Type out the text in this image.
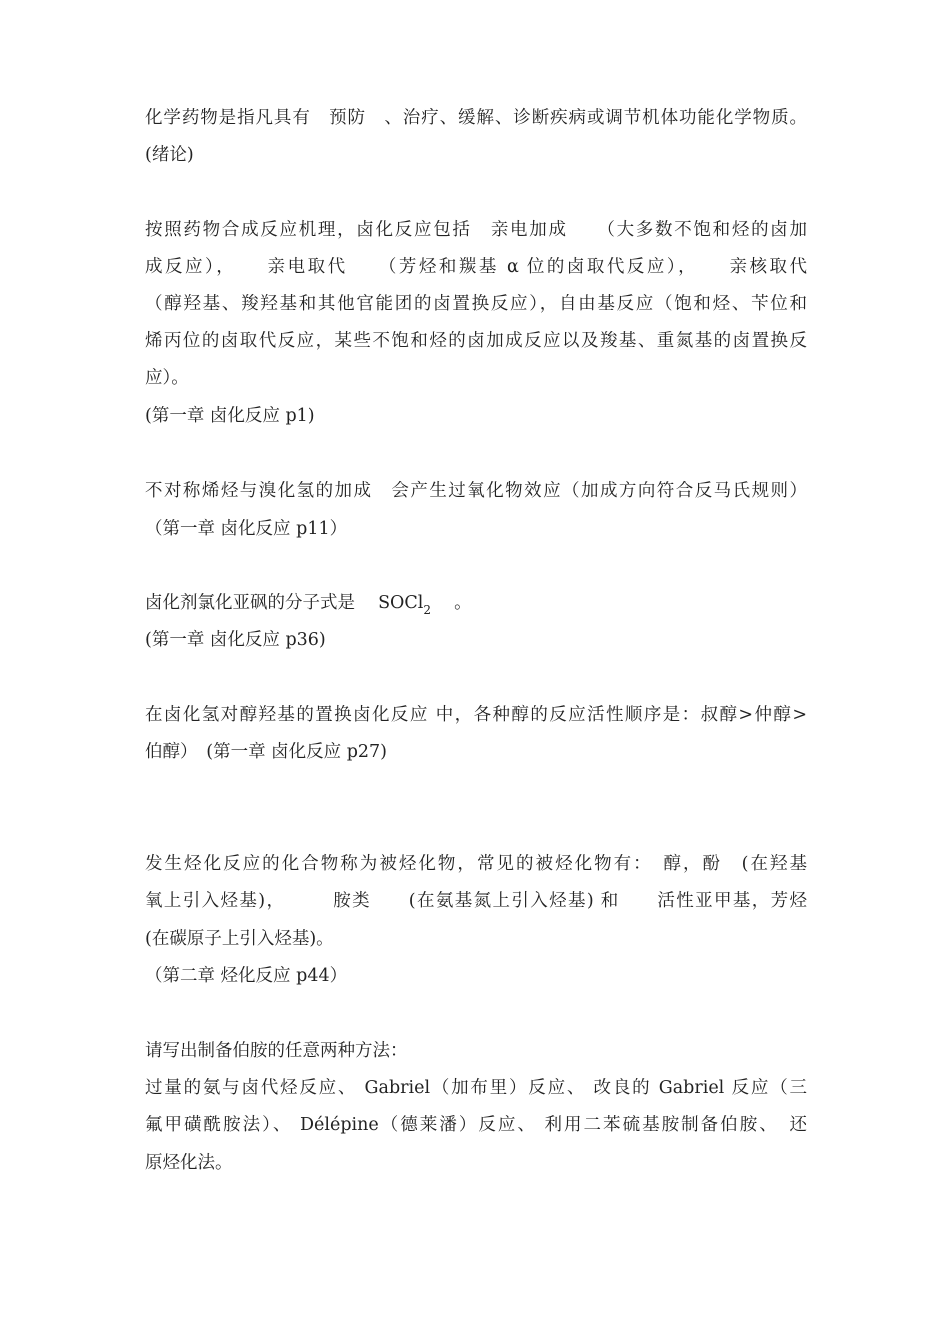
化学药物是指凡具有　预防　、治疗、缓解、诊断疾病或调节机体功能化学物质。
(绪论)
按照药物合成反应机理，卤化反应包括　亲电加成　　（大多数不饱和烃的卤加
成反应），　　亲电取代　　（芳烃和羰基 α 位的卤取代反应），　　亲核取代
（醇羟基、羧羟基和其他官能团的卤置换反应），自由基反应（饱和烃、苄位和
烯丙位的卤取代反应，某些不饱和烃的卤加成反应以及羧基、重氮基的卤置换反
应）。
(第一章 卤化反应 p1)
不对称烯烃与溴化氢的加成　会产生过氧化物效应（加成方向符合反马氏规则）
（第一章 卤化反应 p11）
卤化剂氯化亚砜的分子式是　 SOCl$_2$　 。
(第一章 卤化反应 p36)
在卤化氢对醇羟基的置换卤化反应 中，各种醇的反应活性顺序是：叔醇>仲醇>
伯醇）　(第一章 卤化反应 p27)
发生烃化反应的化合物称为被烃化物，常见的被烃化物有：　醇，酚　(在羟基
氧上引入烃基)，　　　胺类　　(在氨基氮上引入烃基) 和　　活性亚甲基，芳烃
(在碳原子上引入烃基)。
（第二章 烃化反应 p44）
请写出制备伯胺的任意两种方法：
过量的氨与卤代烃反应、 Gabriel（加布里）反应、 改良的 Gabriel 反应（三
氟甲磺酰胺法）、 Délépine（德莱潘）反应、 利用二苯硫基胺制备伯胺、　还
原烃化法。
